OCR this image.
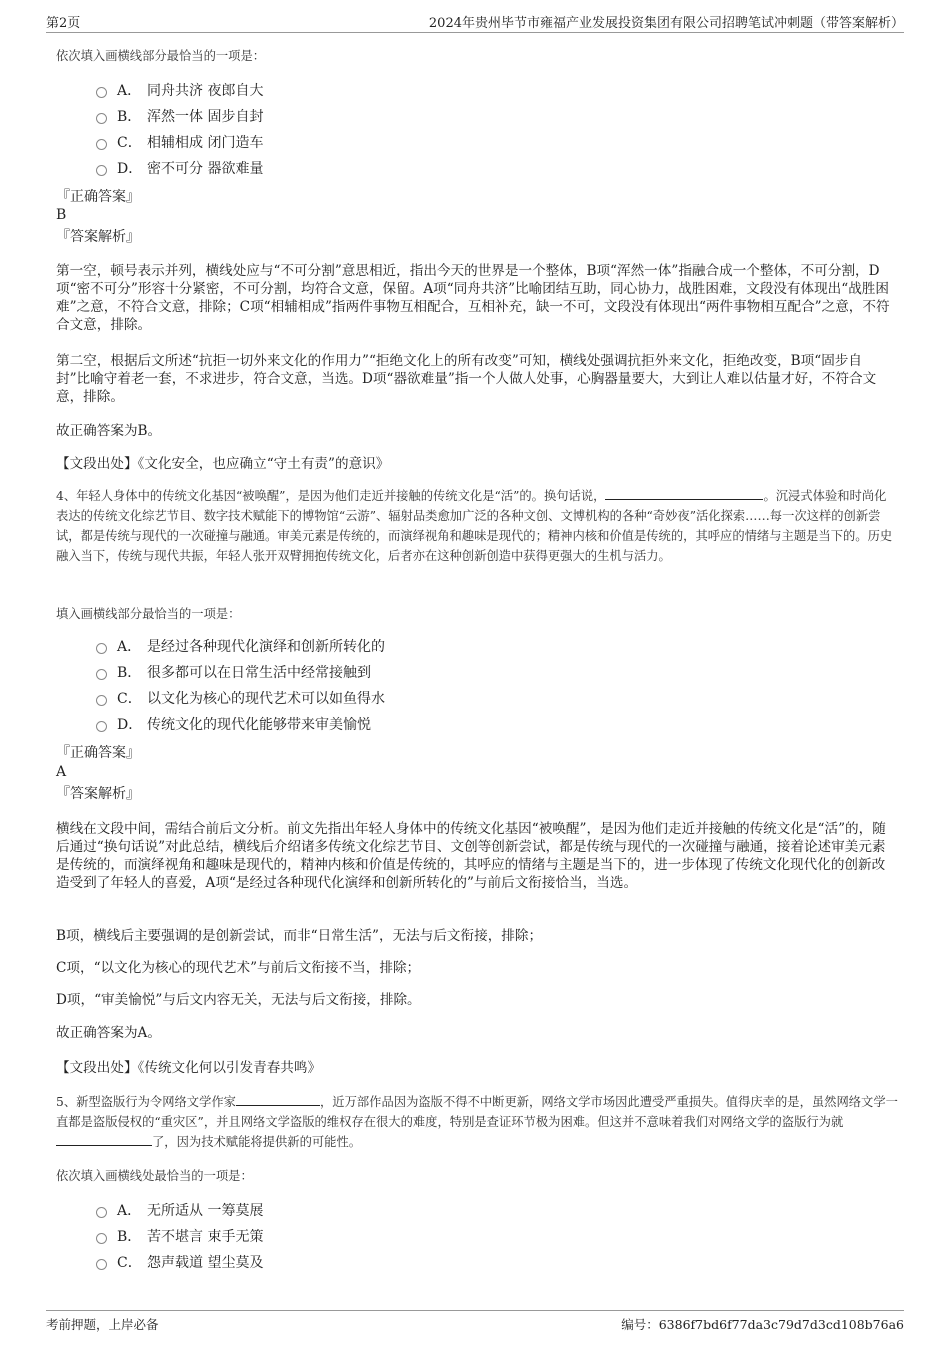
第2页	2024年贵州毕节市雍福产业发展投资集团有限公司招聘笔试冲刺题（带答案解析）
依次填入画横线部分最恰当的一项是：
A． 同舟共济 夜郎自大
B． 浑然一体 固步自封
C． 相辅相成 闭门造车
D． 密不可分 器欲难量
『正确答案』
B
『答案解析』
第一空，顿号表示并列，横线处应与“不可分割”意思相近，指出今天的世界是一个整体，B项“浑然一体”指融合成一个整体，不可分割，D项“密不可分”形容十分紧密，不可分割，均符合文意，保留。A项“同舟共济”比喻团结互助，同心协力，战胜困难，文段没有体现出“战胜困难”之意，不符合文意，排除；C项“相辅相成”指两件事物互相配合，互相补充，缺一不可，文段没有体现出“两件事物相互配合”之意，不符合文意，排除。
第二空，根据后文所述“抗拒一切外来文化的作用力”“拒绝文化上的所有改变”可知，横线处强调抗拒外来文化，拒绝改变，B项“固步自封”比喻守着老一套，不求进步，符合文意，当选。D项“器欲难量”指一个人做人处事，心胸器量要大，大到让人难以估量才好，不符合文意，排除。
故正确答案为B。
【文段出处】《文化安全，也应确立“守土有责”的意识》
4、年轻人身体中的传统文化基因“被唤醒”，是因为他们走近并接触的传统文化是“活”的。换句话说，	。沉浸式体验和时尚化表达的传统文化综艺节目、数字技术赋能下的博物馆“云游”、辐射品类愈加广泛的各种文创、文博机构的各种“奇妙夜”活化探索……每一次这样的创新尝试，都是传统与现代的一次碰撞与融通。审美元素是传统的，而演绎视角和趣味是现代的；精神内核和价值是传统的，其呼应的情绪与主题是当下的。历史融入当下，传统与现代共振，年轻人张开双臂拥抱传统文化，后者亦在这种创新创造中获得更强大的生机与活力。
填入画横线部分最恰当的一项是：
A． 是经过各种现代化演绎和创新所转化的
B． 很多都可以在日常生活中经常接触到
C． 以文化为核心的现代艺术可以如鱼得水
D． 传统文化的现代化能够带来审美愉悦
『正确答案』
A
『答案解析』
横线在文段中间，需结合前后文分析。前文先指出年轻人身体中的传统文化基因“被唤醒”，是因为他们走近并接触的传统文化是“活”的，随后通过“换句话说”对此总结，横线后介绍诸多传统文化综艺节目、文创等创新尝试，都是传统与现代的一次碰撞与融通，接着论述审美元素是传统的，而演绎视角和趣味是现代的，精神内核和价值是传统的，其呼应的情绪与主题是当下的，进一步体现了传统文化现代化的创新改造受到了年轻人的喜爱，A项“是经过各种现代化演绎和创新所转化的”与前后文衔接恰当，当选。
B项，横线后主要强调的是创新尝试，而非“日常生活”，无法与后文衔接，排除；
C项，“以文化为核心的现代艺术”与前后文衔接不当，排除；
D项，“审美愉悦”与后文内容无关，无法与后文衔接，排除。
故正确答案为A。
【文段出处】《传统文化何以引发青春共鸣》
5、新型盗版行为令网络文学作家	，近万部作品因为盗版不得不中断更新，网络文学市场因此遭受严重损失。值得庆幸的是，虽然网络文学一直都是盗版侵权的“重灾区”，并且网络文学盗版的维权存在很大的难度，特别是查证环节极为困难。但这并不意味着我们对网络文学的盗版行为就了，因为技术赋能将提供新的可能性。
依次填入画横线处最恰当的一项是：
A． 无所适从 一筹莫展
B． 苦不堪言 束手无策
C． 怨声载道 望尘莫及
考前押题，上岸必备	编号：6386f7bd6f77da3c79d7d3cd108b76a6
